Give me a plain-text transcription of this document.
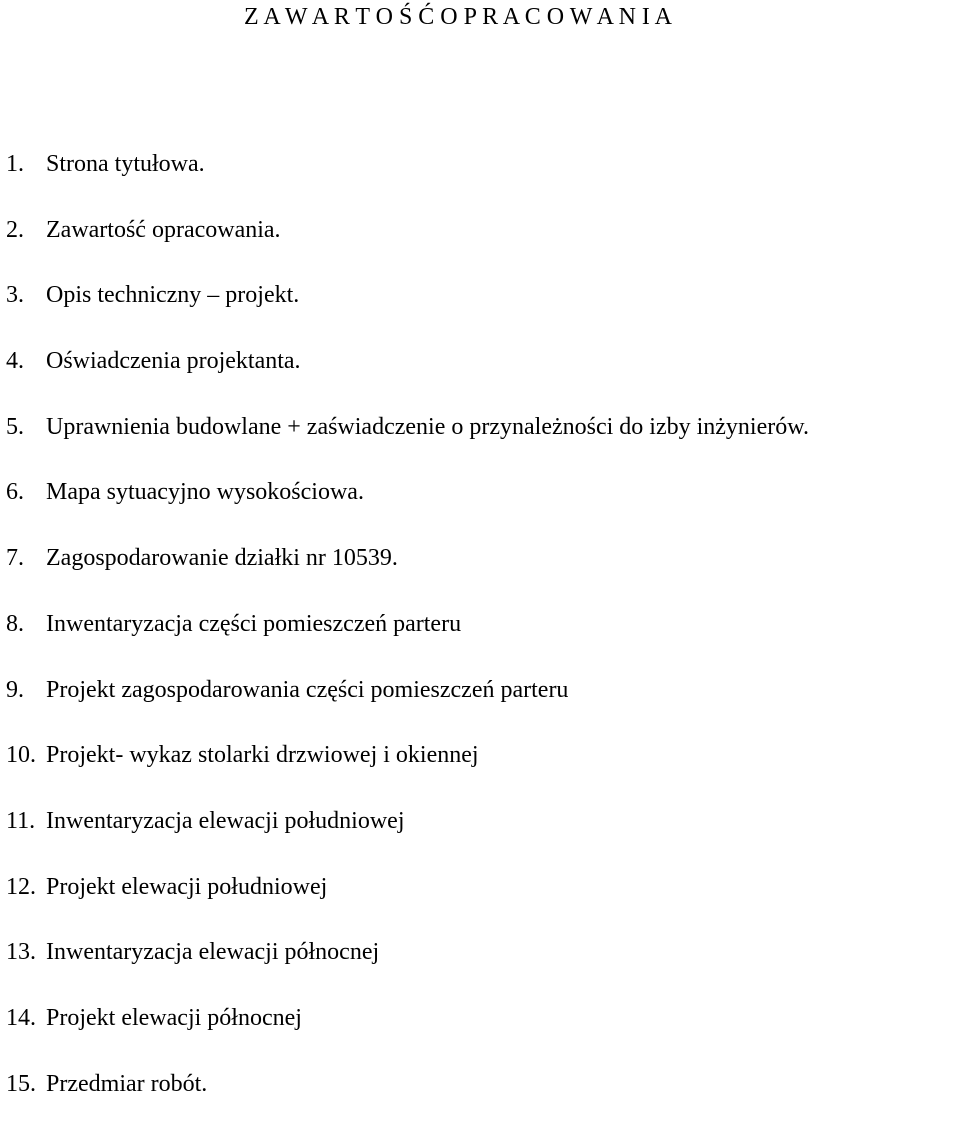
Z A W A R T O Ś Ć O P R A C O W A N I A
1. Strona tytułowa.
2. Zawartość opracowania.
3. Opis techniczny – projekt.
4. Oświadczenia projektanta.
5. Uprawnienia budowlane + zaświadczenie o przynależności do izby inżynierów.
6. Mapa sytuacyjno wysokościowa.
7. Zagospodarowanie działki nr 10539.
8. Inwentaryzacja części pomieszczeń parteru
9. Projekt zagospodarowania części pomieszczeń parteru
10. Projekt- wykaz stolarki drzwiowej i okiennej
11. Inwentaryzacja elewacji południowej
12. Projekt elewacji południowej
13. Inwentaryzacja elewacji północnej
14. Projekt elewacji północnej
15. Przedmiar robót.
